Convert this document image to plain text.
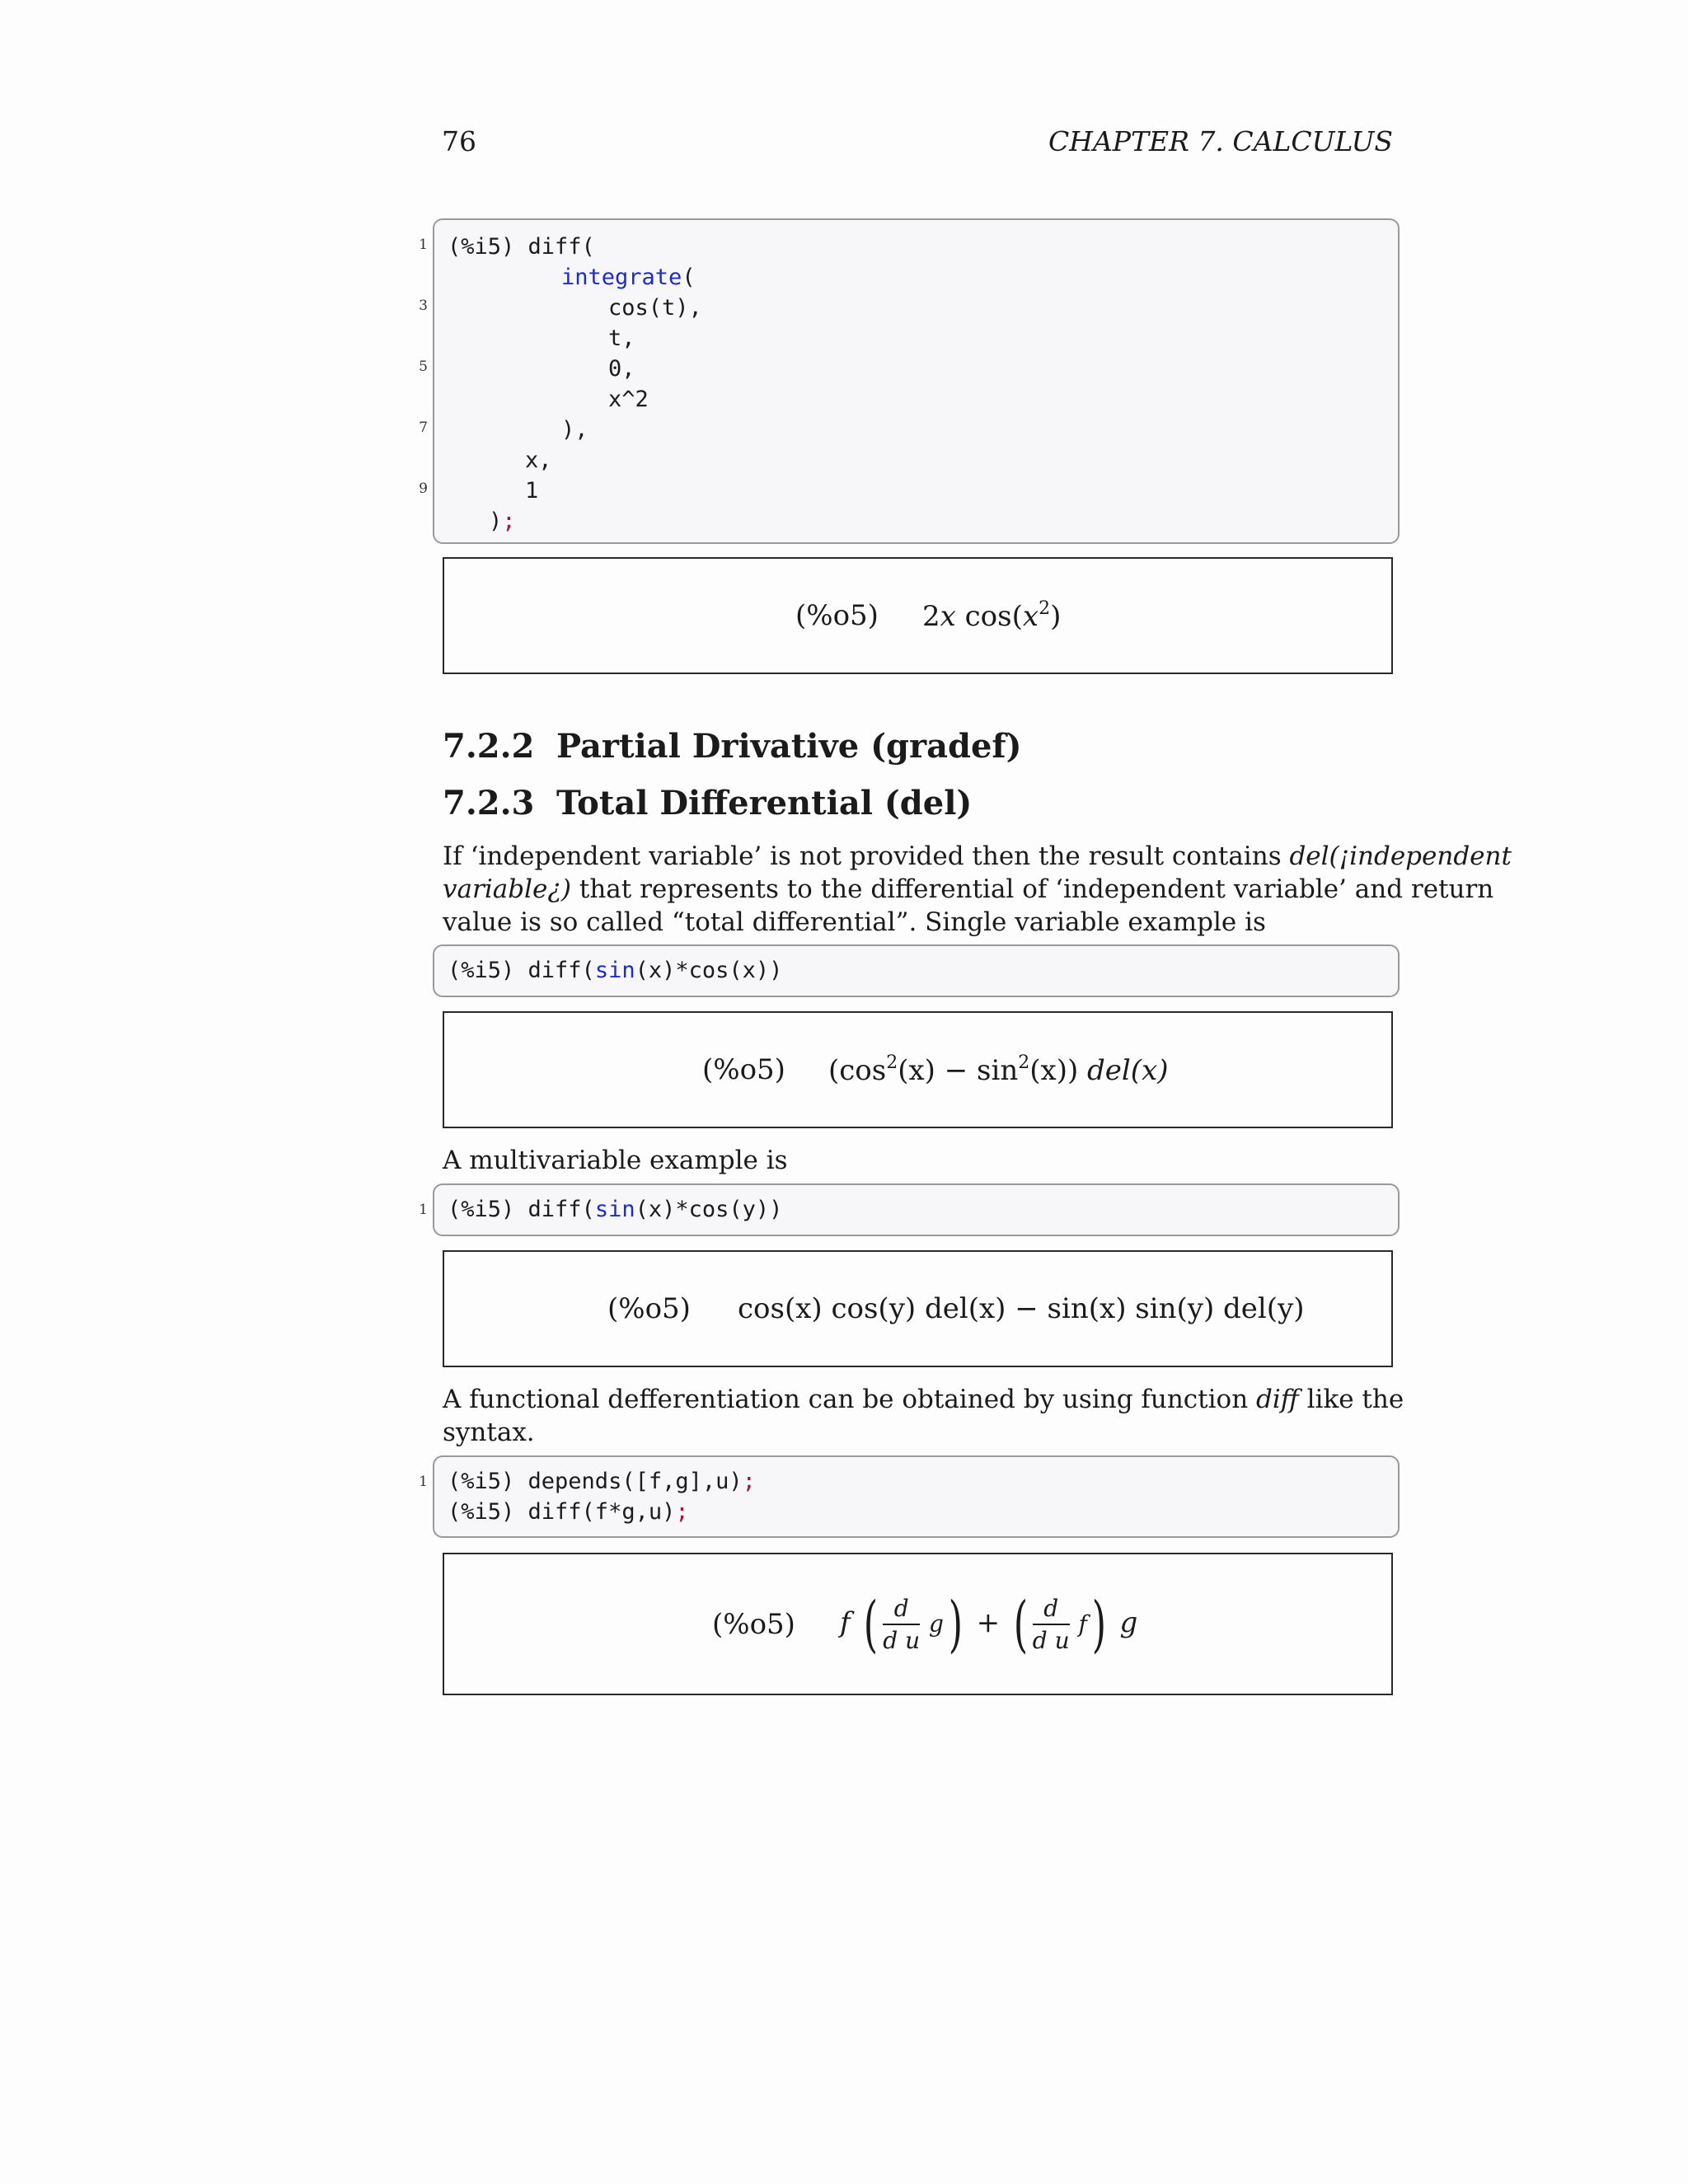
76	CHAPTER 7. CALCULUS
1
3
5
7
9
(%i5) diff(
integrate(
cos(t),
t,
0,
x^2
),
x,
1
);
(%o5) 2x $\cos(x^2)$
7.2.2 Partial Drivative (gradef)
7.2.3 Total Differential (del)
If ‘independent variable’ is not provided then the result contains del(¡independent
variable¿) that represents to the differential of ‘independent variable’ and return
value is so called “total differential”. Single variable example is
(%i5) diff(sin(x)*cos(x))
(%o5) $(\cos^2(x) - \sin^2(x))$ del(x)
A multivariable example is
1 (%i5) diff(sin(x)*cos(y))
(%o5) cos(x) cos(y) del(x) − sin(x) sin(y) del(y)
A functional defferentiation can be obtained by using function diff like the
syntax.
1 (%i5) depends([f,g],u);
(%i5) diff(f*g,u);
(%o5) f ( $\frac{d}{\text{d u}} g$) + ( $\frac{d}{\text{d u}} f$) g
